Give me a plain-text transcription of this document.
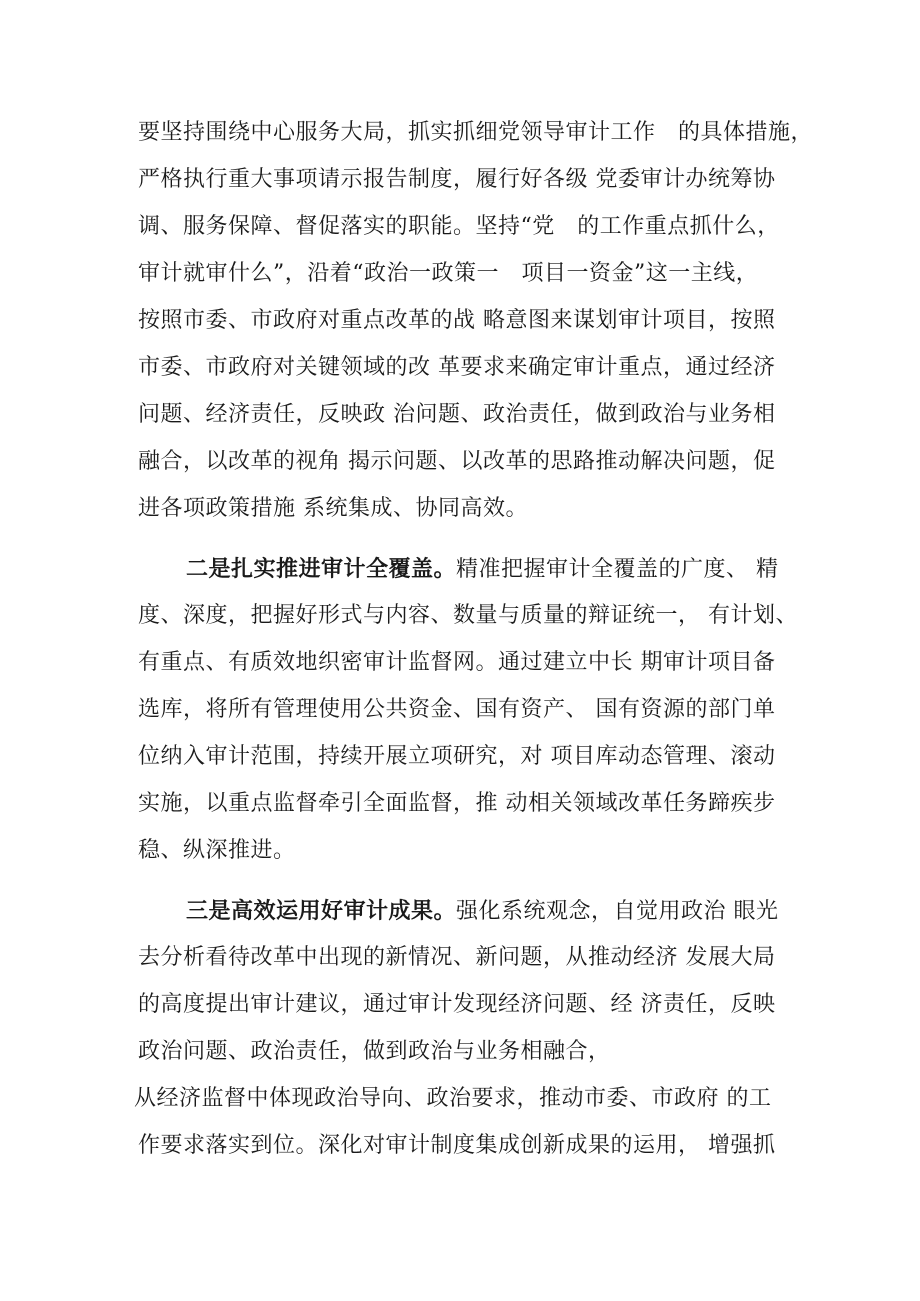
要坚持围绕中心服务大局，抓实抓细党领导审计工作　的具体措施，
严格执行重大事项请示报告制度，履行好各级 党委审计办统筹协
调、服务保障、督促落实的职能。坚持“党　的工作重点抓什么，
审计就审什么”，沿着“政治一政策一　项目一资金”这一主线，
按照市委、市政府对重点改革的战 略意图来谋划审计项目，按照
市委、市政府对关键领域的改 革要求来确定审计重点，通过经济
问题、经济责任，反映政 治问题、政治责任，做到政治与业务相
融合，以改革的视角 揭示问题、以改革的思路推动解决问题，促
进各项政策措施 系统集成、协同高效。
二是扎实推进审计全覆盖。精准把握审计全覆盖的广度、 精
度、深度，把握好形式与内容、数量与质量的辩证统一， 有计划、
有重点、有质效地织密审计监督网。通过建立中长 期审计项目备
选库，将所有管理使用公共资金、国有资产、 国有资源的部门单
位纳入审计范围，持续开展立项研究，对 项目库动态管理、滚动
实施，以重点监督牵引全面监督，推 动相关领域改革任务蹄疾步
稳、纵深推进。
三是高效运用好审计成果。强化系统观念，自觉用政治 眼光
去分析看待改革中出现的新情况、新问题，从推动经济 发展大局
的高度提出审计建议，通过审计发现经济问题、经 济责任，反映
政治问题、政治责任，做到政治与业务相融合，
从经济监督中体现政治导向、政治要求，推动市委、市政府 的工
作要求落实到位。深化对审计制度集成创新成果的运用， 增强抓
